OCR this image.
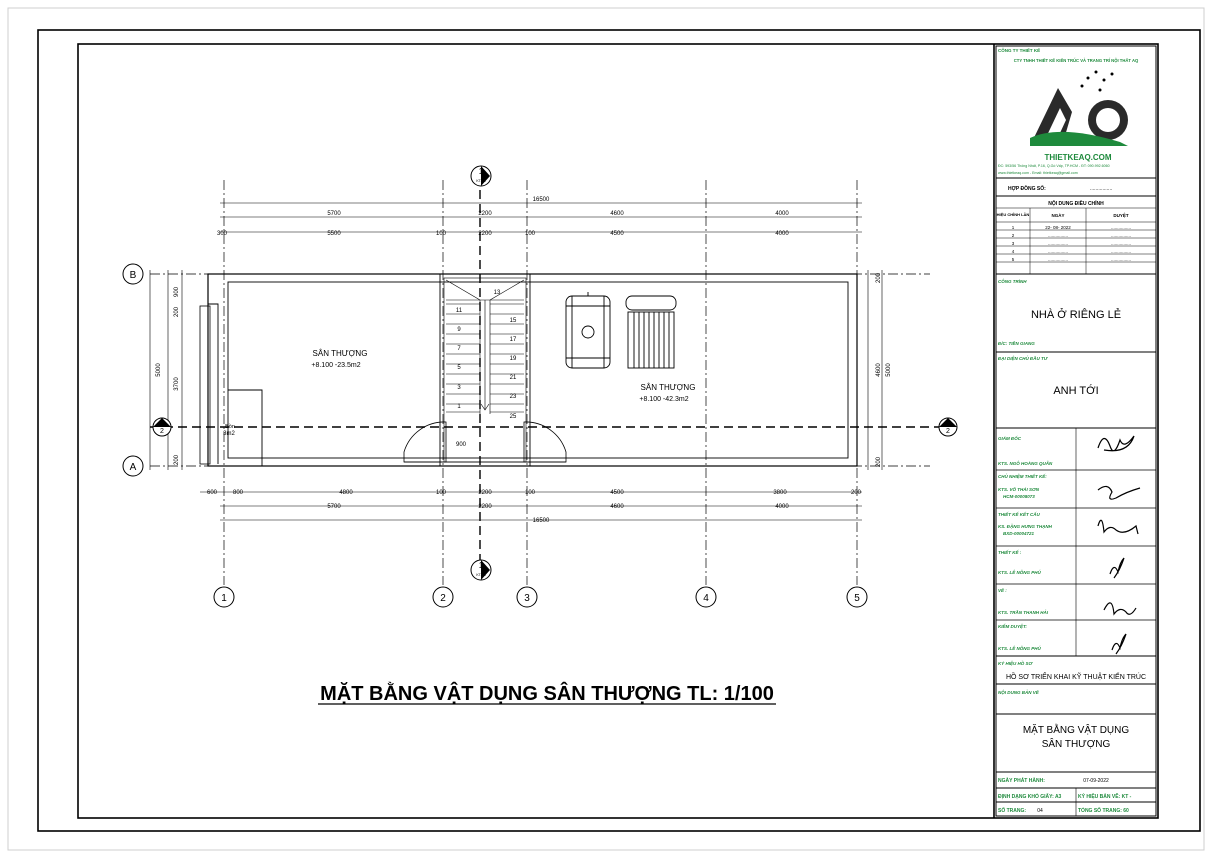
B
A
1	2	3	4	5
1
KT-08
1
KT-08
KT-08
2
KT-08
2
16500
5700	2200	4600	4000
300	5500	100	2200	100	4500	4000
600	800	4800	100	2200	100	4500	3800	200
5700	2200	4600	4000
16500
900
200
3700
200
5000
200
4600
200
5000
SÂN THƯỢNG
+8.100 -23.5m2
SÂN THƯỢNG
+8.100 -42.3m2
Bồn
3m2
900
11
9
7
5
3
1
15
17
19
21
23
25
13
MẶT BẰNG VẬT DỤNG SÂN THƯỢNG TL: 1/100
CÔNG TY THIẾT KẾ
CTY TNHH THIẾT KẾ KIẾN TRÚC VÀ TRANG TRÍ NỘI THẤT AQ
THIETKEAQ.COM
ĐC: 593/56 Thống Nhất, P.16, Q.Gò Vấp, TP.HCM - ĐT: 090.992.6060
www.thietkeaq.com - Email: thietkeaq@gmail.com
HỢP ĐỒNG SỐ:	................
NỘI DUNG ĐIỀU CHỈNH
HIỆU CHỈNH LẦN	NGÀY	DUYỆT
1	22- 08- 2022	................
2	................	................
3	................	................
4	................	................
5	................	................
CÔNG TRÌNH
NHÀ Ở RIÊNG LẺ
Đ/C: TIỀN GIANG
ĐẠI DIỆN CHỦ ĐẦU TƯ
ANH TỚI
GIÁM ĐỐC
KTS. NGÔ HOÀNG QUÂN
CHỦ NHIỆM THIẾT KẾ:
KTS. VÕ THÁI SƠN
HCM-00008073
THIẾT KẾ KẾT CẤU
KS. ĐẶNG HƯNG THẠNH
BXD-00004721
THIẾT KẾ :
KTS. LÊ NÔNG PHÚ
VẼ :
KTS. TRẦN THANH HẢI
KIỂM DUYỆT:
KTS. LÊ NÔNG PHÚ
KÝ HIỆU HỒ SƠ
HỒ SƠ TRIỂN KHAI KỸ THUẬT KIẾN TRÚC
NỘI DUNG BẢN VẼ
MẶT BẰNG VẬT DỤNG
SÂN THƯỢNG
NGÀY PHÁT HÀNH:	07-09-2022
ĐỊNH DẠNG KHỔ GIẤY: A3	KÝ HIỆU BẢN VẼ: KT -
SỐ TRANG: 04	TỔNG SỐ TRANG: 60
